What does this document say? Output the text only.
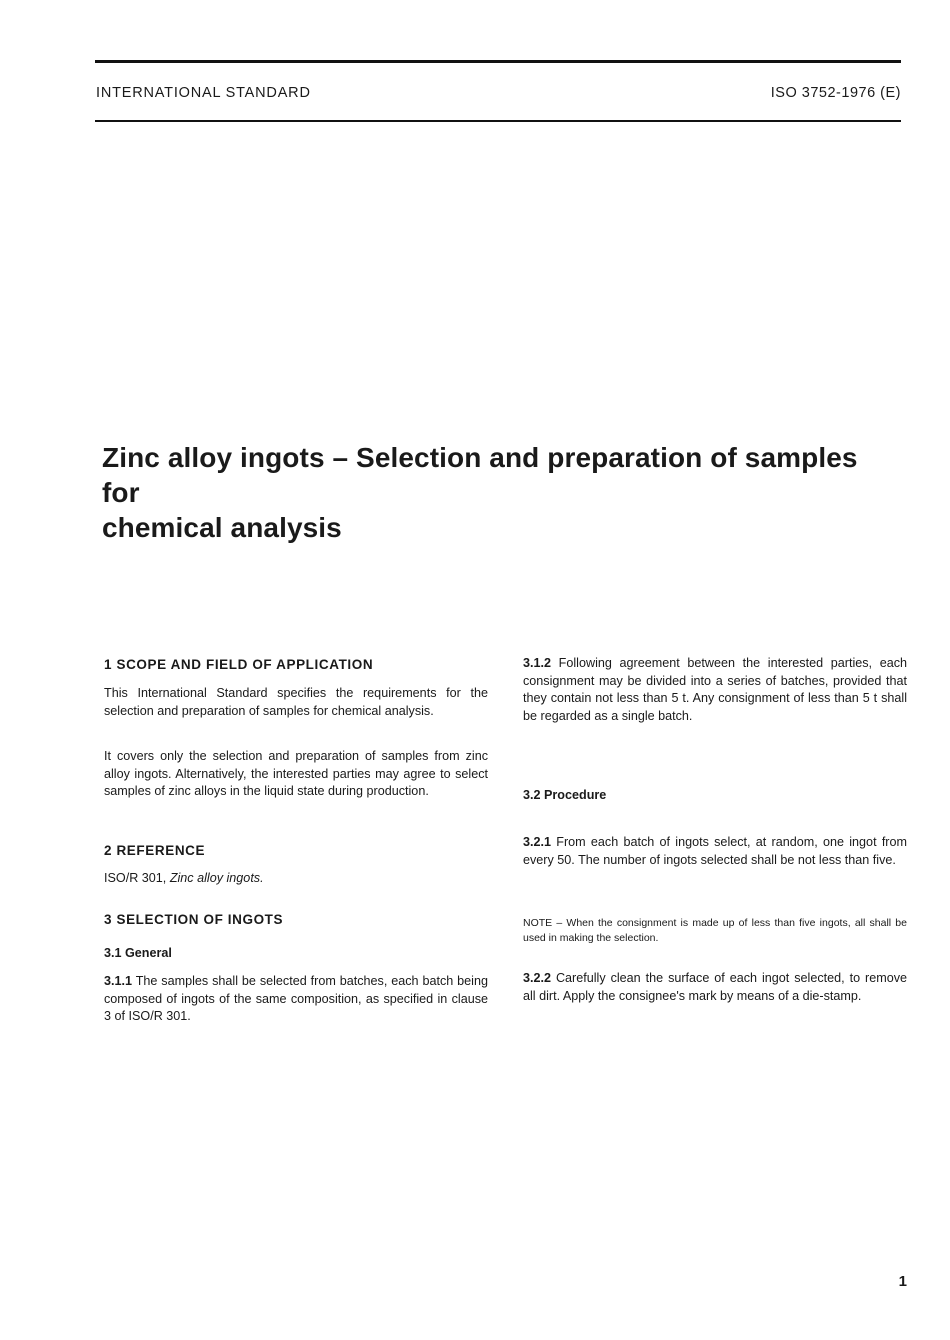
INTERNATIONAL STANDARD	ISO 3752-1976 (E)
Zinc alloy ingots – Selection and preparation of samples for
chemical analysis
1 SCOPE AND FIELD OF APPLICATION

This International Standard specifies the requirements for the selection and preparation of samples for chemical analysis.

It covers only the selection and preparation of samples from zinc alloy ingots. Alternatively, the interested parties may agree to select samples of zinc alloys in the liquid state during production.

2 REFERENCE
ISO/R 301, Zinc alloy ingots.
3 SELECTION OF INGOTS
3.1 General

3.1.1 The samples shall be selected from batches, each batch being composed of ingots of the same composition, as specified in clause 3 of ISO/R 301.

3.1.2 Following agreement between the interested parties, each consignment may be divided into a series of batches, provided that they contain not less than 5 t. Any consignment of less than 5 t shall be regarded as a single batch.

3.2 Procedure

3.2.1 From each batch of ingots select, at random, one ingot from every 50. The number of ingots selected shall be not less than five.

NOTE – When the consignment is made up of less than five ingots, all shall be used in making the selection.

3.2.2 Carefully clean the surface of each ingot selected, to remove all dirt. Apply the consignee's mark by means of a die-stamp.

1
